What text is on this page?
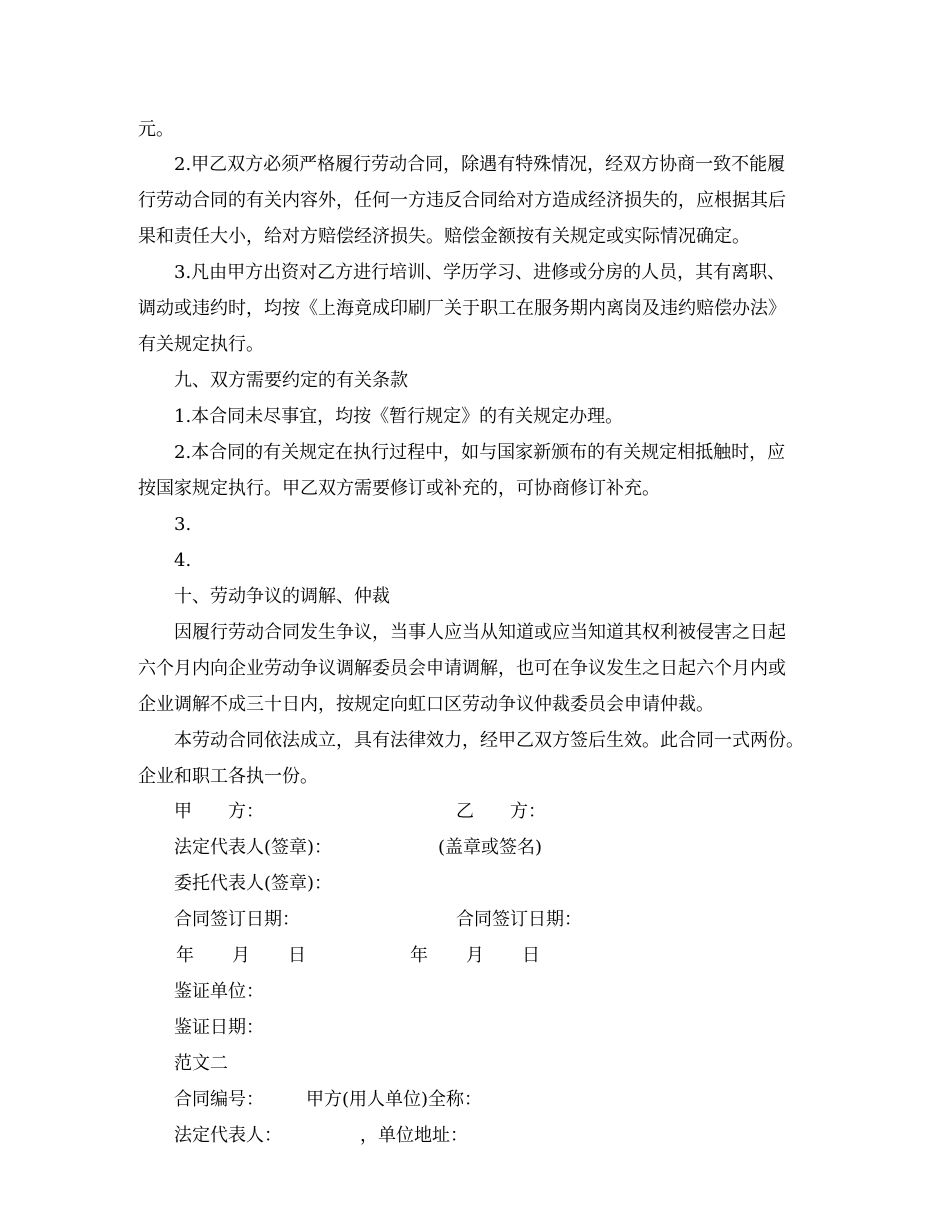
元。
2.甲乙双方必须严格履行劳动合同，除遇有特殊情况，经双方协商一致不能履
行劳动合同的有关内容外，任何一方违反合同给对方造成经济损失的，应根据其后
果和责任大小，给对方赔偿经济损失。赔偿金额按有关规定或实际情况确定。
3.凡由甲方出资对乙方进行培训、学历学习、进修或分房的人员，其有离职、
调动或违约时，均按《上海竟成印刷厂关于职工在服务期内离岗及违约赔偿办法》
有关规定执行。
九、双方需要约定的有关条款
1.本合同未尽事宜，均按《暂行规定》的有关规定办理。
2.本合同的有关规定在执行过程中，如与国家新颁布的有关规定相抵触时，应
按国家规定执行。甲乙双方需要修订或补充的，可协商修订补充。
3.
4.
十、劳动争议的调解、仲裁
因履行劳动合同发生争议，当事人应当从知道或应当知道其权利被侵害之日起
六个月内向企业劳动争议调解委员会申请调解，也可在争议发生之日起六个月内或
企业调解不成三十日内，按规定向虹口区劳动争议仲裁委员会申请仲裁。
本劳动合同依法成立，具有法律效力，经甲乙双方签后生效。此合同一式两份。
企业和职工各执一份。
甲　　方：	乙　　方：
法定代表人(签章)：	(盖章或签名)
委托代表人(签章)：
合同签订日期：	合同签订日期：
年 月 日	年 月 日
鉴证单位：
鉴证日期：
范文二
合同编号： 甲方(用人单位)全称：
法定代表人：	，单位地址：
